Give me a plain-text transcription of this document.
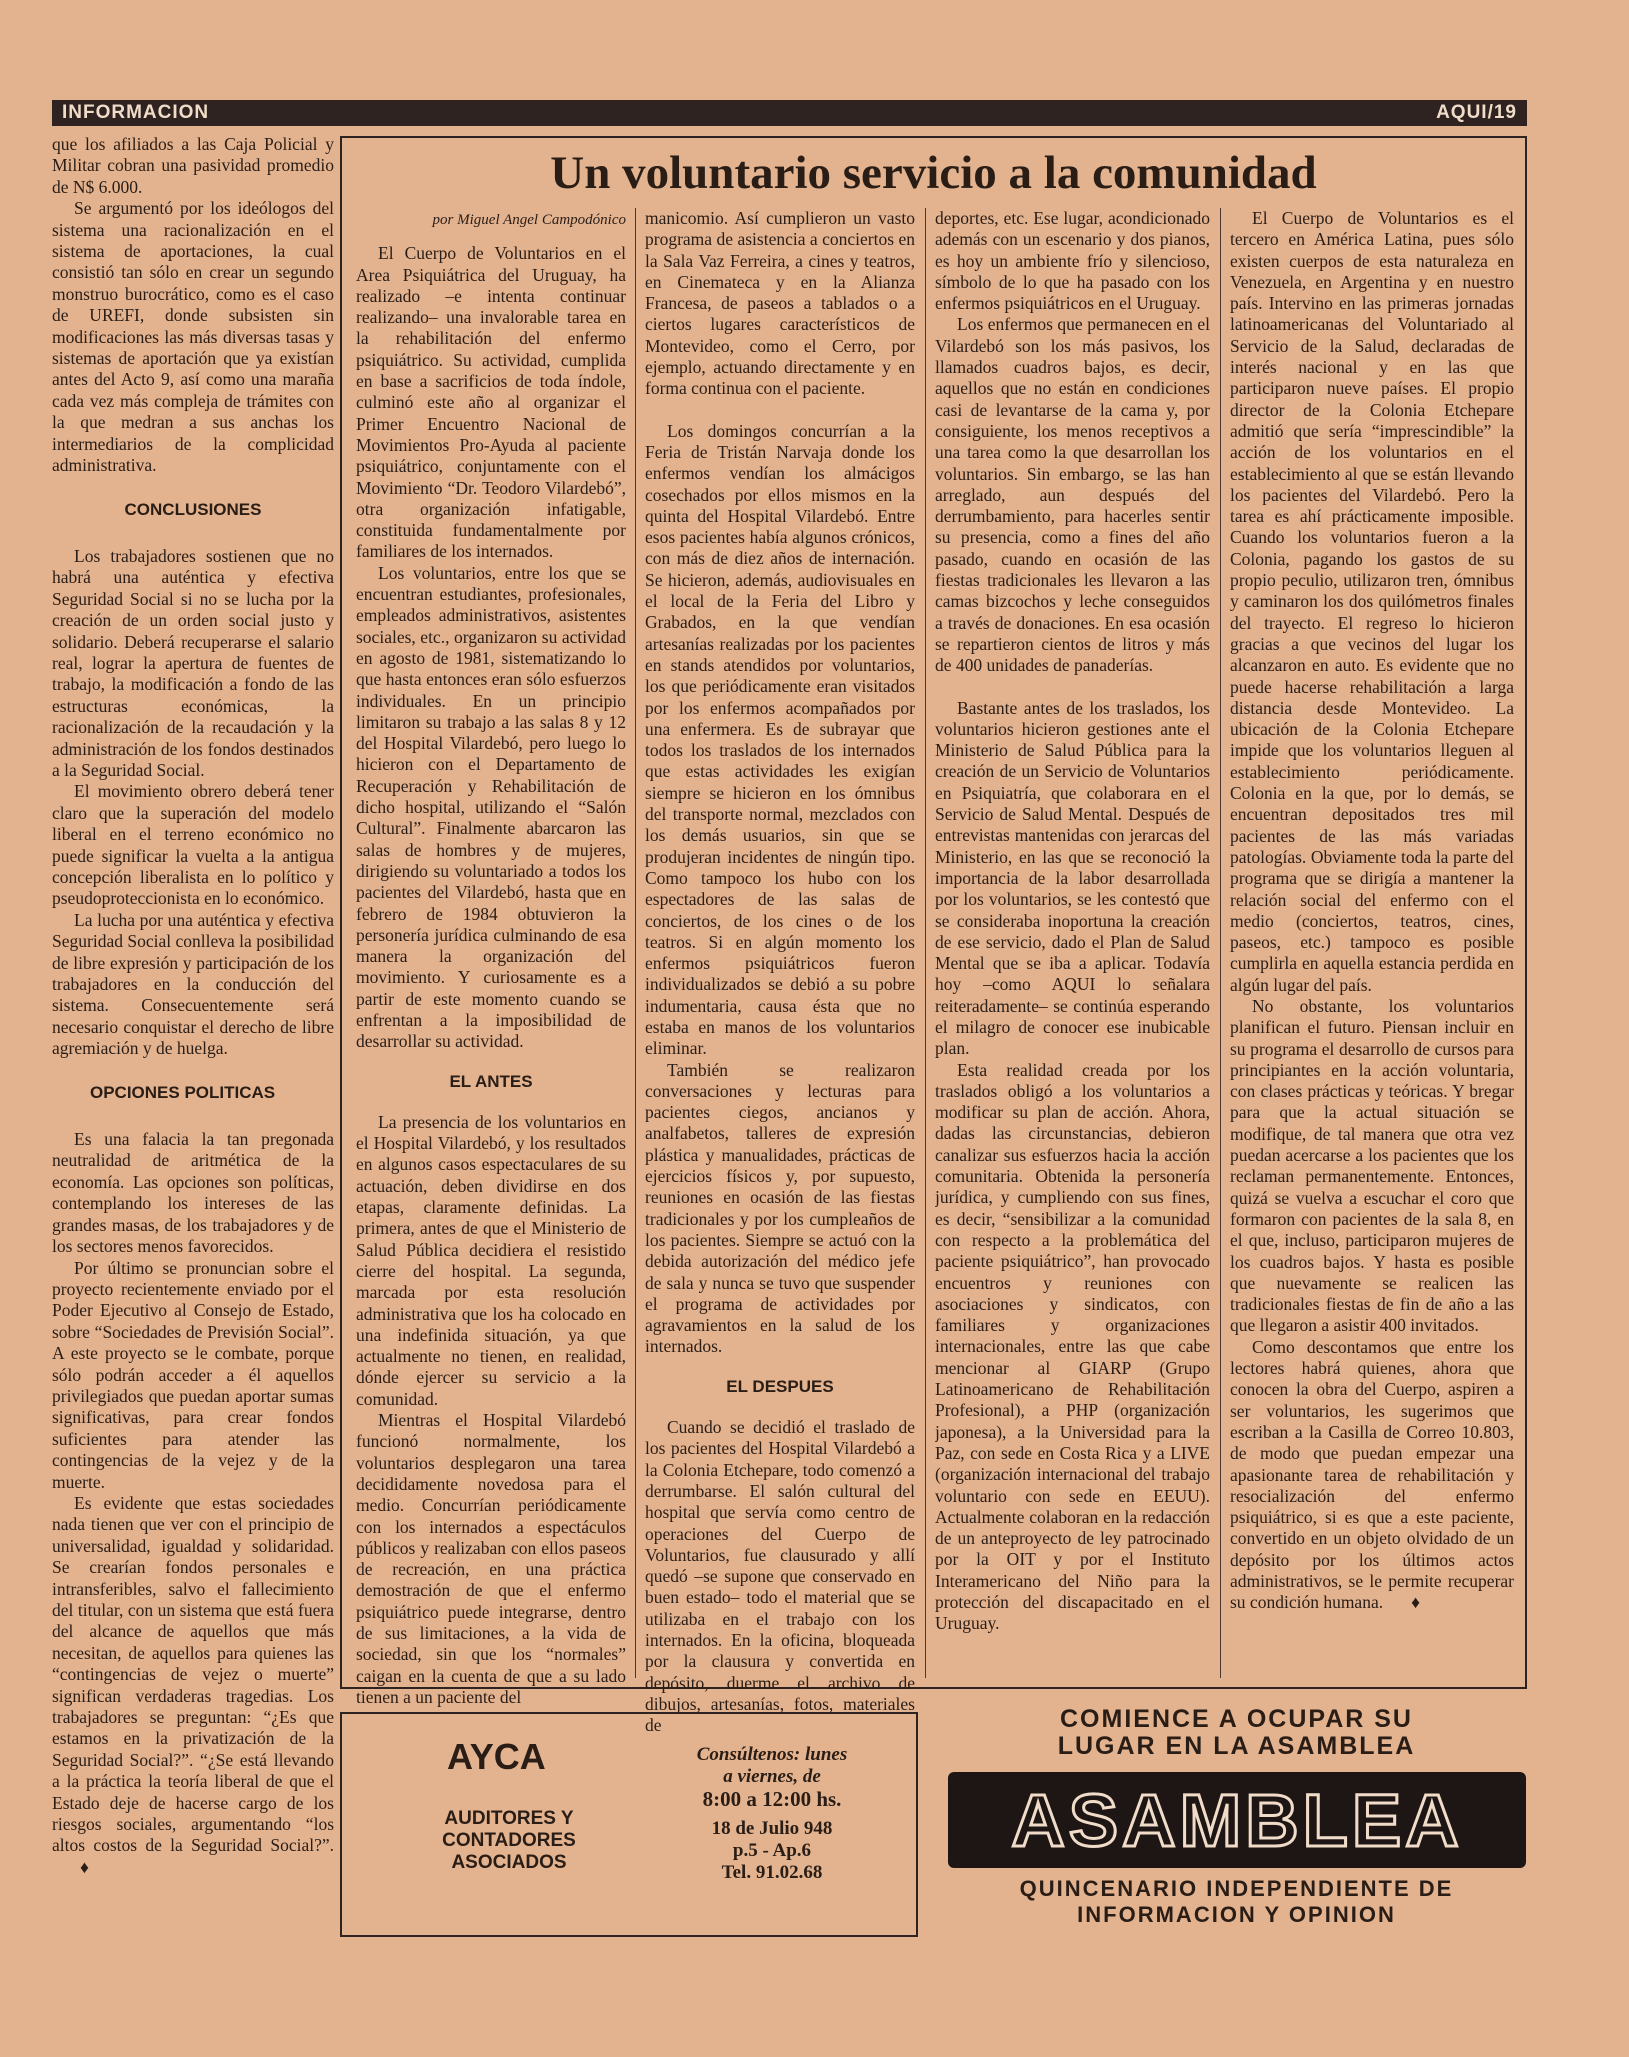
INFORMACION	AQUI/19

que los afiliados a las Caja Policial y Militar cobran una pasividad promedio de N$ 6.000.

Se argumentó por los ideólogos del sistema una racionalización en el sistema de aportaciones, la cual consistió tan sólo en crear un segundo monstruo burocrático, como es el caso de UREFI, donde subsisten sin modificaciones las más diversas tasas y sistemas de aportación que ya existían antes del Acto 9, así como una maraña cada vez más compleja de trámites con la que medran a sus anchas los intermediarios de la complicidad administrativa.

CONCLUSIONES

Los trabajadores sostienen que no habrá una auténtica y efectiva Seguridad Social si no se lucha por la creación de un orden social justo y solidario. Deberá recuperarse el salario real, lograr la apertura de fuentes de trabajo, la modificación a fondo de las estructuras económicas, la racionalización de la recaudación y la administración de los fondos destinados a la Seguridad Social.

El movimiento obrero deberá tener claro que la superación del modelo liberal en el terreno económico no puede significar la vuelta a la antigua concepción liberalista en lo político y pseudoproteccionista en lo económico.

La lucha por una auténtica y efectiva Seguridad Social conlleva la posibilidad de libre expresión y participación de los trabajadores en la conducción del sistema. Consecuentemente será necesario conquistar el derecho de libre agremiación y de huelga.

OPCIONES POLITICAS

Es una falacia la tan pregonada neutralidad de aritmética de la economía. Las opciones son políticas, contemplando los intereses de las grandes masas, de los trabajadores y de los sectores menos favorecidos.

Por último se pronuncian sobre el proyecto recientemente enviado por el Poder Ejecutivo al Consejo de Estado, sobre “Sociedades de Previsión Social”. A este proyecto se le combate, porque sólo podrán acceder a él aquellos privilegiados que puedan aportar sumas significativas, para crear fondos suficientes para atender las contingencias de la vejez y de la muerte.

Es evidente que estas sociedades nada tienen que ver con el principio de universalidad, igualdad y solidaridad. Se crearían fondos personales e intransferibles, salvo el fallecimiento del titular, con un sistema que está fuera del alcance de aquellos que más necesitan, de aquellos para quienes las “contingencias de vejez o muerte” significan verdaderas tragedias. Los trabajadores se preguntan: “¿Es que estamos en la privatización de la Seguridad Social?”. “¿Se está llevando a la práctica la teoría liberal de que el Estado deje de hacerse cargo de los riesgos sociales, argumentando “los altos costos de la Seguridad Social?”.♦

Un voluntario servicio a la comunidad
por Miguel Angel Campodónico

El Cuerpo de Voluntarios en el Area Psiquiátrica del Uruguay, ha realizado –e intenta continuar realizando– una invalorable tarea en la rehabilitación del enfermo psiquiátrico. Su actividad, cumplida en base a sacrificios de toda índole, culminó este año al organizar el Primer Encuentro Nacional de Movimientos Pro-Ayuda al paciente psiquiátrico, conjuntamente con el Movimiento “Dr. Teodoro Vilardebó”, otra organización infatigable, constituida fundamentalmente por familiares de los internados.

Los voluntarios, entre los que se encuentran estudiantes, profesionales, empleados administrativos, asistentes sociales, etc., organizaron su actividad en agosto de 1981, sistematizando lo que hasta entonces eran sólo esfuerzos individuales. En un principio limitaron su trabajo a las salas 8 y 12 del Hospital Vilardebó, pero luego lo hicieron con el Departamento de Recuperación y Rehabilitación de dicho hospital, utilizando el “Salón Cultural”. Finalmente abarcaron las salas de hombres y de mujeres, dirigiendo su voluntariado a todos los pacientes del Vilardebó, hasta que en febrero de 1984 obtuvieron la personería jurídica culminando de esa manera la organización del movimiento. Y curiosamente es a partir de este momento cuando se enfrentan a la imposibilidad de desarrollar su actividad.

EL ANTES

La presencia de los voluntarios en el Hospital Vilardebó, y los resultados en algunos casos espectaculares de su actuación, deben dividirse en dos etapas, claramente definidas. La primera, antes de que el Ministerio de Salud Pública decidiera el resistido cierre del hospital. La segunda, marcada por esta resolución administrativa que los ha colocado en una indefinida situación, ya que actualmente no tienen, en realidad, dónde ejercer su servicio a la comunidad.

Mientras el Hospital Vilardebó funcionó normalmente, los voluntarios desplegaron una tarea decididamente novedosa para el medio. Concurrían periódicamente con los internados a espectáculos públicos y realizaban con ellos paseos de recreación, en una práctica demostración de que el enfermo psiquiátrico puede integrarse, dentro de sus limitaciones, a la vida de sociedad, sin que los “normales” caigan en la cuenta de que a su lado tienen a un paciente del

manicomio. Así cumplieron un vasto programa de asistencia a conciertos en la Sala Vaz Ferreira, a cines y teatros, en Cinemateca y en la Alianza Francesa, de paseos a tablados o a ciertos lugares característicos de Montevideo, como el Cerro, por ejemplo, actuando directamente y en forma continua con el paciente.

Los domingos concurrían a la Feria de Tristán Narvaja donde los enfermos vendían los almácigos cosechados por ellos mismos en la quinta del Hospital Vilardebó. Entre esos pacientes había algunos crónicos, con más de diez años de internación. Se hicieron, además, audiovisuales en el local de la Feria del Libro y Grabados, en la que vendían artesanías realizadas por los pacientes en stands atendidos por voluntarios, los que periódicamente eran visitados por los enfermos acompañados por una enfermera. Es de subrayar que todos los traslados de los internados que estas actividades les exigían siempre se hicieron en los ómnibus del transporte normal, mezclados con los demás usuarios, sin que se produjeran incidentes de ningún tipo. Como tampoco los hubo con los espectadores de las salas de conciertos, de los cines o de los teatros. Si en algún momento los enfermos psiquiátricos fueron individualizados se debió a su pobre indumentaria, causa ésta que no estaba en manos de los voluntarios eliminar.

También se realizaron conversaciones y lecturas para pacientes ciegos, ancianos y analfabetos, talleres de expresión plástica y manualidades, prácticas de ejercicios físicos y, por supuesto, reuniones en ocasión de las fiestas tradicionales y por los cumpleaños de los pacientes. Siempre se actuó con la debida autorización del médico jefe de sala y nunca se tuvo que suspender el programa de actividades por agravamientos en la salud de los internados.

EL DESPUES

Cuando se decidió el traslado de los pacientes del Hospital Vilardebó a la Colonia Etchepare, todo comenzó a derrumbarse. El salón cultural del hospital que servía como centro de operaciones del Cuerpo de Voluntarios, fue clausurado y allí quedó –se supone que conservado en buen estado– todo el material que se utilizaba en el trabajo con los internados. En la oficina, bloqueada por la clausura y convertida en depósito, duerme el archivo de dibujos, artesanías, fotos, materiales de

deportes, etc. Ese lugar, acondicionado además con un escenario y dos pianos, es hoy un ambiente frío y silencioso, símbolo de lo que ha pasado con los enfermos psiquiátricos en el Uruguay.

Los enfermos que permanecen en el Vilardebó son los más pasivos, los llamados cuadros bajos, es decir, aquellos que no están en condiciones casi de levantarse de la cama y, por consiguiente, los menos receptivos a una tarea como la que desarrollan los voluntarios. Sin embargo, se las han arreglado, aun después del derrumbamiento, para hacerles sentir su presencia, como a fines del año pasado, cuando en ocasión de las fiestas tradicionales les llevaron a las camas bizcochos y leche conseguidos a través de donaciones. En esa ocasión se repartieron cientos de litros y más de 400 unidades de panaderías.

Bastante antes de los traslados, los voluntarios hicieron gestiones ante el Ministerio de Salud Pública para la creación de un Servicio de Voluntarios en Psiquiatría, que colaborara en el Servicio de Salud Mental. Después de entrevistas mantenidas con jerarcas del Ministerio, en las que se reconoció la importancia de la labor desarrollada por los voluntarios, se les contestó que se consideraba inoportuna la creación de ese servicio, dado el Plan de Salud Mental que se iba a aplicar. Todavía hoy –como AQUI lo señalara reiteradamente– se continúa esperando el milagro de conocer ese inubicable plan.

Esta realidad creada por los traslados obligó a los voluntarios a modificar su plan de acción. Ahora, dadas las circunstancias, debieron canalizar sus esfuerzos hacia la acción comunitaria. Obtenida la personería jurídica, y cumpliendo con sus fines, es decir, “sensibilizar a la comunidad con respecto a la problemática del paciente psiquiátrico”, han provocado encuentros y reuniones con asociaciones y sindicatos, con familiares y organizaciones internacionales, entre las que cabe mencionar al GIARP (Grupo Latinoamericano de Rehabilitación Profesional), a PHP (organización japonesa), a la Universidad para la Paz, con sede en Costa Rica y a LIVE (organización internacional del trabajo voluntario con sede en EEUU). Actualmente colaboran en la redacción de un anteproyecto de ley patrocinado por la OIT y por el Instituto Interamericano del Niño para la protección del discapacitado en el Uruguay.

El Cuerpo de Voluntarios es el tercero en América Latina, pues sólo existen cuerpos de esta naturaleza en Venezuela, en Argentina y en nuestro país. Intervino en las primeras jornadas latinoamericanas del Voluntariado al Servicio de la Salud, declaradas de interés nacional y en las que participaron nueve países. El propio director de la Colonia Etchepare admitió que sería “imprescindible” la acción de los voluntarios en el establecimiento al que se están llevando los pacientes del Vilardebó. Pero la tarea es ahí prácticamente imposible. Cuando los voluntarios fueron a la Colonia, pagando los gastos de su propio peculio, utilizaron tren, ómnibus y caminaron los dos quilómetros finales del trayecto. El regreso lo hicieron gracias a que vecinos del lugar los alcanzaron en auto. Es evidente que no puede hacerse rehabilitación a larga distancia desde Montevideo. La ubicación de la Colonia Etchepare impide que los voluntarios lleguen al establecimiento periódicamente. Colonia en la que, por lo demás, se encuentran depositados tres mil pacientes de las más variadas patologías. Obviamente toda la parte del programa que se dirigía a mantener la relación social del enfermo con el medio (conciertos, teatros, cines, paseos, etc.) tampoco es posible cumplirla en aquella estancia perdida en algún lugar del país.

No obstante, los voluntarios planifican el futuro. Piensan incluir en su programa el desarrollo de cursos para principiantes en la acción voluntaria, con clases prácticas y teóricas. Y bregar para que la actual situación se modifique, de tal manera que otra vez puedan acercarse a los pacientes que los reclaman permanentemente. Entonces, quizá se vuelva a escuchar el coro que formaron con pacientes de la sala 8, en el que, incluso, participaron mujeres de los cuadros bajos. Y hasta es posible que nuevamente se realicen las tradicionales fiestas de fin de año a las que llegaron a asistir 400 invitados.

Como descontamos que entre los lectores habrá quienes, ahora que conocen la obra del Cuerpo, aspiren a ser voluntarios, les sugerimos que escriban a la Casilla de Correo 10.803, de modo que puedan empezar una apasionante tarea de rehabilitación y resocialización del enfermo psiquiátrico, si es que a este paciente, convertido en un objeto olvidado de un depósito por los últimos actos administrativos, se le permite recuperar su condición humana. ♦

AYCA
AUDITORES Y
CONTADORES
ASOCIADOS
Consúltenos: lunes
a viernes, de
8:00 a 12:00 hs.
18 de Julio 948
p.5 - Ap.6
Tel. 91.02.68
COMIENCE A OCUPAR SU
LUGAR EN LA ASAMBLEA
ASAMBLEA
QUINCENARIO INDEPENDIENTE DE
INFORMACION Y OPINION
